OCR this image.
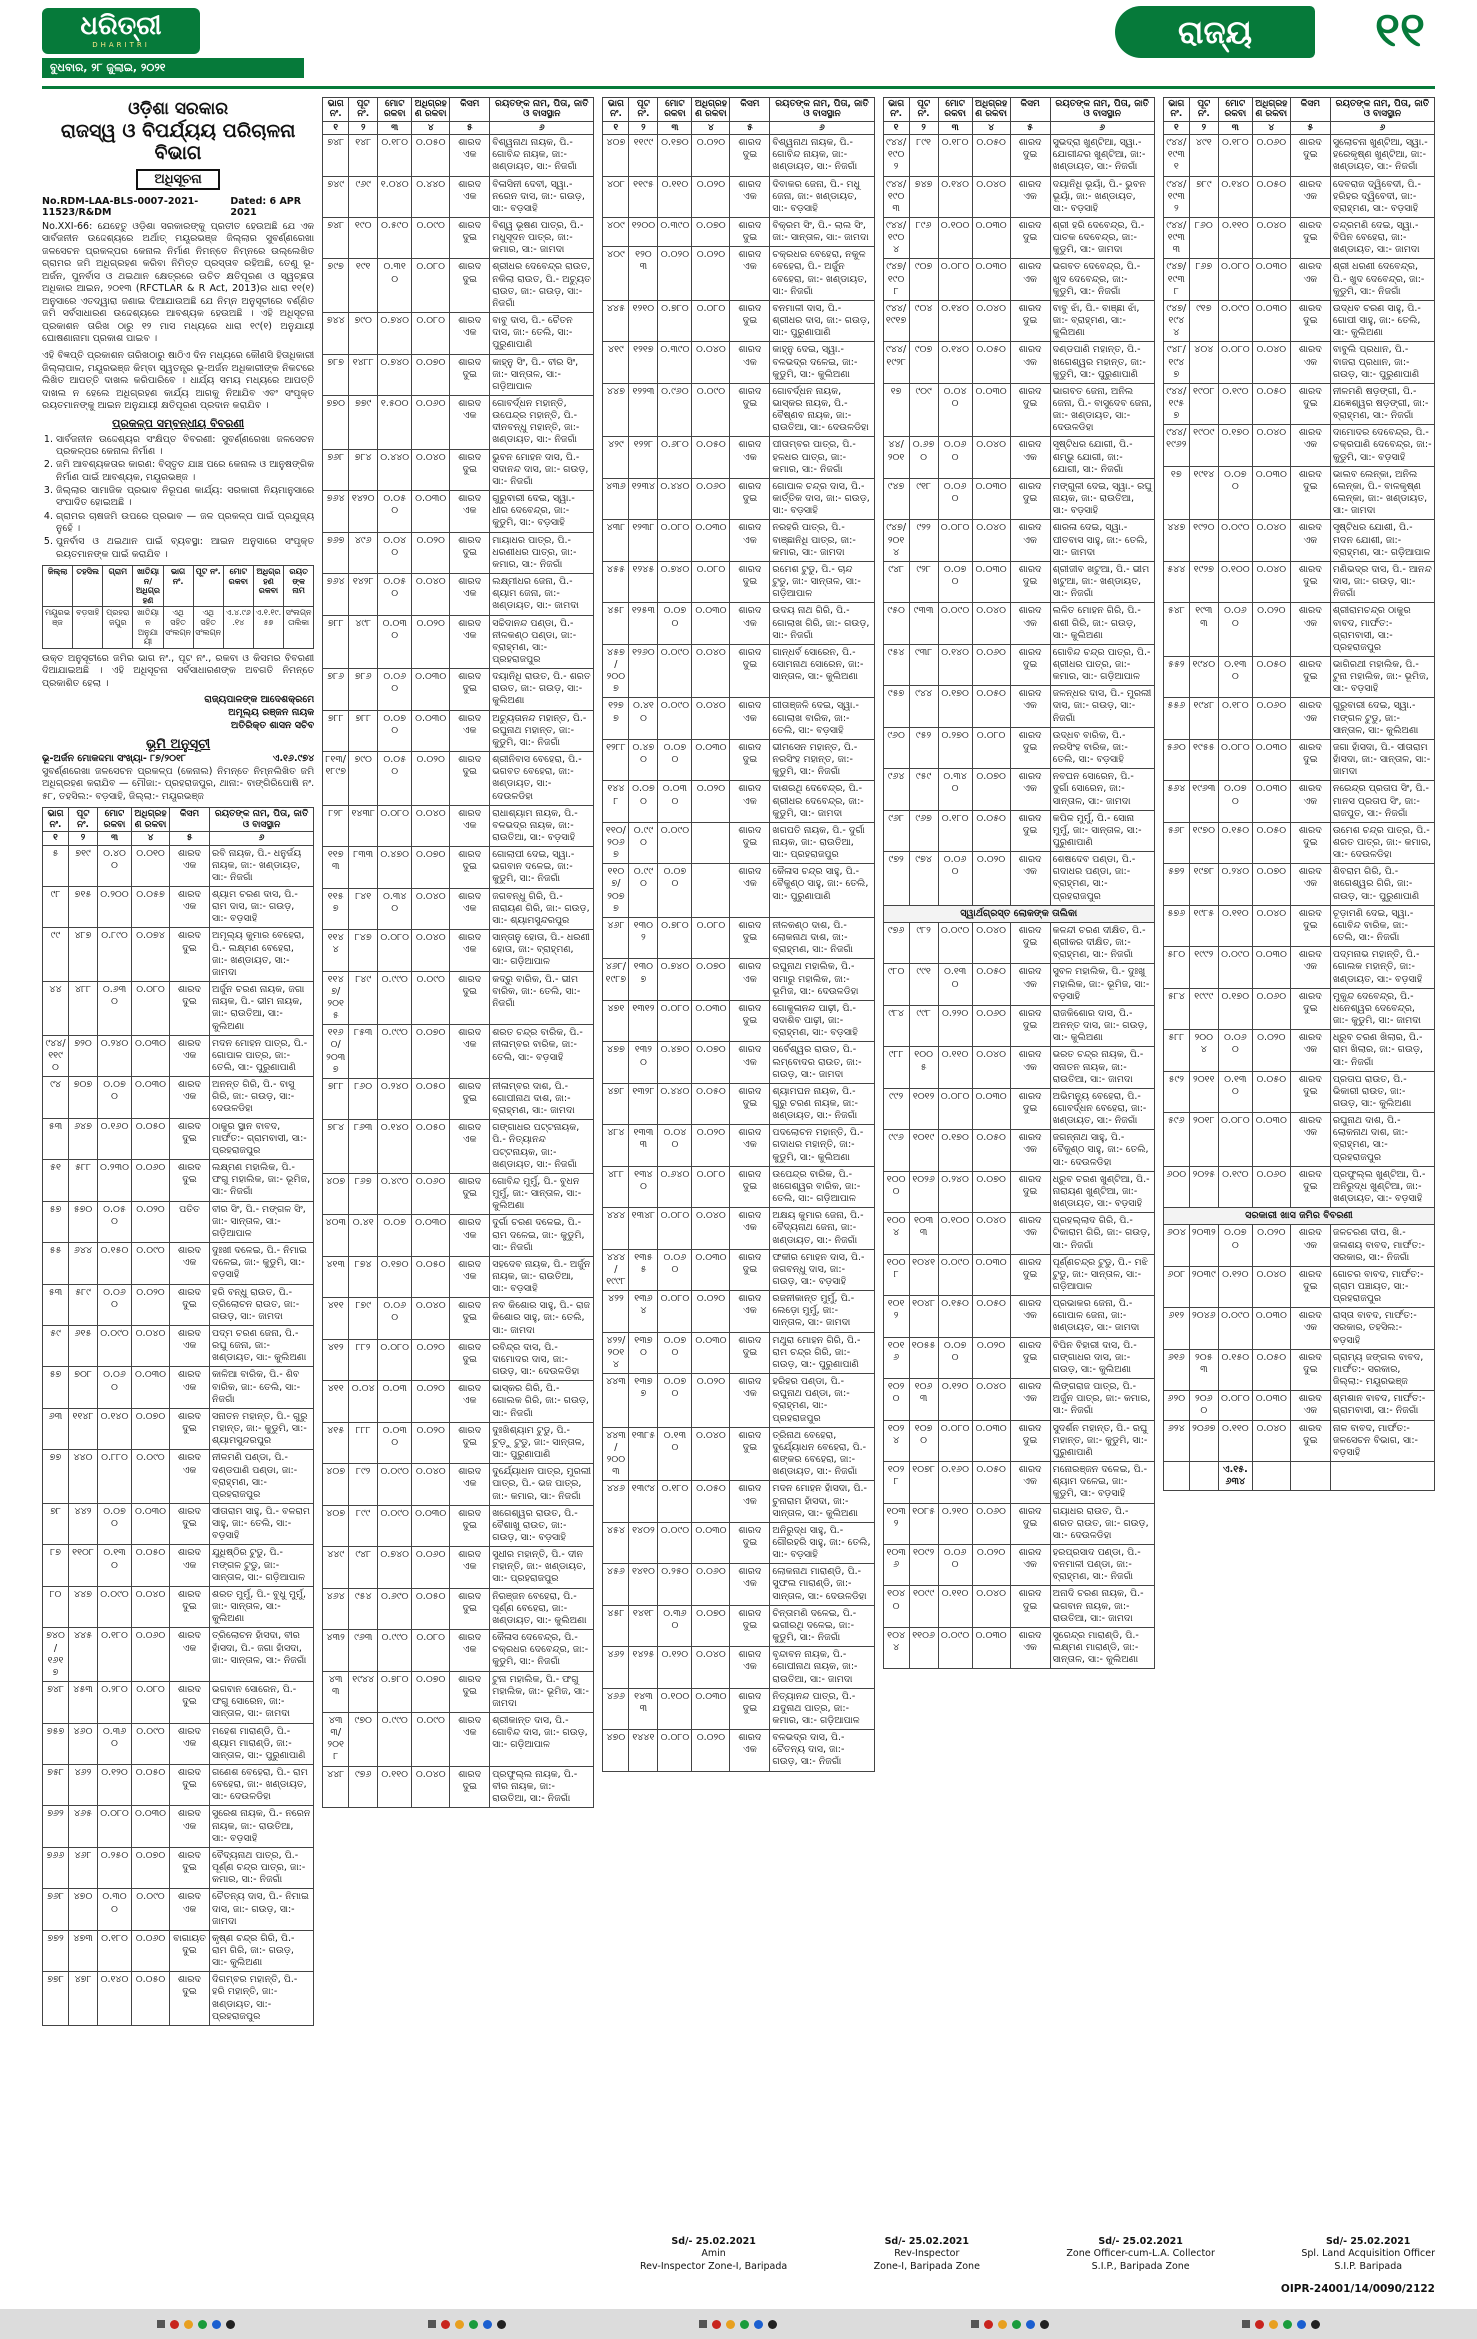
ଧରିତ୍ରୀ
DHARITRI
ବୁଧବାର, ୨୮ ଜୁଲାଇ, ୨୦୨୧
ରାଜ୍ୟ	୧୧
ଓଡ଼ିଶା ସରକାର
ରାଜସ୍ୱ ଓ ବିପର୍ଯ୍ୟୟ ପରିଚାଳନା ବିଭାଗ
ଅଧିସୂଚନା
No.RDM-LAA-BLS-0007-2021-11523/R&DM
Dated: 6 APR 2021

No.XXI-66: ଯେହେତୁ ଓଡ଼ିଶା ସରକାରଙ୍କୁ ପ୍ରତୀତ ହେଉଅଛି ଯେ ଏକ ସାର୍ବଜନୀନ ଉଦ୍ଦେଶ୍ୟରେ ଅର୍ଥାତ୍ ମୟୂରଭଞ୍ଜ ଜିଲ୍ଲାର ସୁବର୍ଣ୍ଣରେଖା ଜଳସେଚନ ପ୍ରକଳ୍ପର କେନାଲ ନିର୍ମାଣ ନିମନ୍ତେ ନିମ୍ନରେ ଉଲ୍ଲେଖିତ ଗ୍ରାମର ଜମି ଅଧିଗ୍ରହଣ କରିବା ନିମିତ୍ତ ପ୍ରସ୍ତାବ ରହିଅଛି, ତେଣୁ ଭୂ-ଅର୍ଜନ, ପୁନର୍ବାସ ଓ ଥଇଥାନ କ୍ଷେତ୍ରରେ ଉଚିତ କ୍ଷତିପୂରଣ ଓ ସ୍ୱଚ୍ଛତା ଅଧିକାର ଆଇନ, ୨୦୧୩ (RFCTLAR & R Act, 2013)ର ଧାରା ୧୧(୧) ଅନୁସାରେ ଏତଦ୍ୱାରା ଜଣାଇ ଦିଆଯାଉଅଛି ଯେ ନିମ୍ନ ଅନୁସୂଚୀରେ ବର୍ଣ୍ଣିତ ଜମି ସର୍ବସାଧାରଣ ଉଦ୍ଦେଶ୍ୟରେ ଆବଶ୍ୟକ ହେଉଅଛି । ଏହି ଅଧିସୂଚନା ପ୍ରକାଶନ ତାରିଖ ଠାରୁ ୧୨ ମାସ ମଧ୍ୟରେ ଧାରା ୧୯(୧) ଅନୁଯାୟୀ ଘୋଷଣାନାମା ପ୍ରକାଶ ପାଇବ ।

ଏହି ବିଜ୍ଞପ୍ତି ପ୍ରକାଶନ ତାରିଖଠାରୁ ଷାଠିଏ ଦିନ ମଧ୍ୟରେ କୌଣସି ହିତାଧିକାରୀ ଜିଲ୍ଲାପାଳ, ମୟୂରଭଞ୍ଜ କିମ୍ବା ସ୍ୱତନ୍ତ୍ର ଭୂ-ଅର୍ଜନ ଅଧିକାରୀଙ୍କ ନିକଟରେ ଲିଖିତ ଆପତ୍ତି ଦାଖଲ କରିପାରିବେ । ଧାର୍ଯ୍ୟ ସମୟ ମଧ୍ୟରେ ଆପତ୍ତି ଦାଖଲ ନ ହେଲେ ଅଧିଗ୍ରହଣ କାର୍ଯ୍ୟ ଆଗକୁ ନିଆଯିବ ଏବଂ ସଂପୃକ୍ତ ରୟତମାନଙ୍କୁ ଆଇନ ଅନୁଯାୟୀ କ୍ଷତିପୂରଣ ପ୍ରଦାନ କରାଯିବ ।

ପ୍ରକଳ୍ପ ସମ୍ବନ୍ଧୀୟ ବିବରଣୀ
1. ସାର୍ବଜନୀନ ଉଦ୍ଦେଶ୍ୟର ସଂକ୍ଷିପ୍ତ ବିବରଣୀ: ସୁବର୍ଣ୍ଣରେଖା ଜଳସେଚନ ପ୍ରକଳ୍ପର କେନାଲ ନିର୍ମାଣ ।
2. ଜମି ଆବଶ୍ୟକତାର କାରଣ: ବିସ୍ତୃତ ଯାଞ୍ଚ ପରେ କେନାଲ ଓ ଆନୁଷଙ୍ଗିକ ନିର୍ମାଣ ପାଇଁ ଆବଶ୍ୟକ, ମୟୂରଭଞ୍ଜ ।
3. ଜିଲ୍ଲାର ସାମାଜିକ ପ୍ରଭାବ ନିରୂପଣ କାର୍ଯ୍ୟ: ସରକାରୀ ନିୟମାନୁସାରେ ସଂପାଦିତ ହୋଇଅଛି ।
4. ଗ୍ରାମର ଚାଷଜମି ଉପରେ ପ୍ରଭାବ — ଜଳ ପ୍ରକଳ୍ପ ପାଇଁ ପ୍ରଯୁଜ୍ୟ ନୁହେଁ ।
5. ପୁନର୍ବାସ ଓ ଥଇଥାନ ପାଇଁ ବ୍ୟବସ୍ଥା: ଆଇନ ଅନୁସାରେ ସଂପୃକ୍ତ ରୟତମାନଙ୍କ ପାଇଁ କରାଯିବ ।
ଜିଲ୍ଲା	ତହସିଲ	ଗ୍ରାମ	ଖାତିୟାନ/ ଅଧିଗ୍ରହଣ	ଭାଗ ନଂ.	ପୂଟ ନଂ.	ମୋଟ ରକବା	ଅଧିଗ୍ରହଣ ରକବା	ରୟତଙ୍କ ନାମ
ମୟୂରଭଞ୍ଜ	ବଡ଼ସାହି	ପ୍ରହରାଜପୁର	ଖାତିୟାନ ଅନୁଯାୟୀ	ଏଥି ସହିତ ସଂଲଗ୍ନ	ଏଥି ସହିତ ସଂଲଗ୍ନ	ଏ.୪.୯୬.୧୪	ଏ.୧.୧୯.୫୭	ସଂଲଗ୍ନ ତାଲିକା

ଉକ୍ତ ଅନୁସୂଚୀରେ ଜମିର ଭାଗ ନଂ., ପୂଟ ନଂ., ରକବା ଓ କିସମର ବିବରଣୀ ଦିଆଯାଇଅଛି । ଏହି ଅଧିସୂଚନା ସର୍ବସାଧାରଣଙ୍କ ଅବଗତି ନିମନ୍ତେ ପ୍ରକାଶିତ ହେଲା ।

ରାଜ୍ୟପାଳଙ୍କ ଆଦେଶକ୍ରମେ
ଅମୂଲ୍ୟ ରଞ୍ଜନ ନାୟକ
ଅତିରିକ୍ତ ଶାସନ ସଚିବ
ଭୂମି ଅନୁସୂଚୀ
ଭୂ-ଅର୍ଜନ ମୋକଦ୍ଦମା ସଂଖ୍ୟା- ୮୭/୨୦୧୮	ଏ.୧୬.୯୭୪

ସୁବର୍ଣ୍ଣରେଖା ଜଳସେଚନ ପ୍ରକଳ୍ପ (କେନାଲ) ନିମନ୍ତେ ନିମ୍ନଲିଖିତ ଜମି ଅଧିଗ୍ରହଣ କରାଯିବ — ମୌଜା:- ପ୍ରହରାଜପୁର, ଥାନା:- ବାଙ୍ଗିରିପୋଷି ନଂ. ୫୮, ତହସିଲ:- ବଡ଼ସାହି, ଜିଲ୍ଲା:- ମୟୂରଭଞ୍ଜ

ଭାଗ ନଂ.	ପୂଟ ନଂ.	ମୋଟ ରକବା	ଅଧିଗ୍ରହଣ ରକବା	କିସମ	ରୟତଙ୍କ ନାମ, ପିତା, ଜାତି ଓ ବାସସ୍ଥାନ
୧	୨	୩	୪	୫	୬
୫	୭୧୯	୦.୪୦୦	୦.୦୧୦	ଶାରଦ ଏକ	ରବି ନାୟକ, ପି.- ଧନୁର୍ଜୟ ନାୟକ, ଜା:- ଖଣ୍ଡାୟତ, ସା:- ନିଜଗାଁ
୯୮	୭୧୫	୦.୨୦୦	୦.୦୫୭	ଶାରଦ ଏକ	ଶ୍ୟାମ ଚରଣ ଦାସ, ପି.- ରାମ ଦାସ, ଜା:- ଗଉଡ଼, ସା:- ବଡ଼ସାହି
୯୯	୪୮୭	୦.୮୯୦	୦.୦୭୪	ଶାରଦ ଦୁଇ	ଅମୂଲ୍ୟ କୁମାର ବେହେରା, ପି.- ଲକ୍ଷ୍ମଣ ବେହେରା, ଜା:- ଖଣ୍ଡାୟତ, ସା:- ଜାମଦା
୪୪	୪୮୮	୦.୬୩୦	୦.୦୮୦	ଶାରଦ ଦୁଇ	ଅର୍ଜୁନ ଚରଣ ନାୟକ, ଜଗା ନାୟକ, ପି.- ଭୀମ ନାୟକ, ଜା:- ରାଉତିଆ, ସା:- କୁଲିଅଣା
୯୪୪/ ୧୧୯୦	୭୨୦	୦.୨୪୦	୦.୦୩୦	ଶାରଦ ଏକ	ମଦନ ମୋହନ ପାତ୍ର, ପି.- ଗୋପାଳ ପାତ୍ର, ଜା:- ତେଲି, ସା:- ପୁରୁଣାପାଣି
୯୪	୭୦୭	୦.୦୭୦	୦.୦୩୦	ଶାରଦ ଏକ	ଅନନ୍ତ ଗିରି, ପି.- ବାସୁ ଗିରି, ଜା:- ଗଉଡ଼, ସା:- ଦେଉଳଡିହା
୫୩	୬୪୭	୦.୧୬୦	୦.୦୫୦	ଶାରଦ ଦୁଇ	ଠାକୁର ସ୍ଥାନ ବାବଦ, ମାର୍ଫତ:- ଗ୍ରାମବାସୀ, ସା:- ପ୍ରହରାଜପୁର
୫୧	୫୮୮	୦.୨୩୦	୦.୦୬୦	ଶାରଦ ଦୁଇ	ଲକ୍ଷ୍ମଣ ମହାଲିକ, ପି.- ଫଗୁ ମହାଲିକ, ଜା:- ଭୂମିଜ, ସା:- ନିଜଗାଁ
୫୭	୫୭୦	୦.୦୫୦	୦.୦୨୦	ପତିତ	ବୀର ସିଂ, ପି.- ମଙ୍ଗଳ ସିଂ, ଜା:- ସାନ୍ତାଳ, ସା:- ଗଡ଼ିଆପାଳ
୫୫	୬୪୪	୦.୧୫୦	୦.୦୯୦	ଶାରଦ ଏକ	ଦୁଃଖୀ ଦଳେଇ, ପି.- ନିମାଇ ଦଳେଇ, ଜା:- କୁଡୁମି, ସା:- ବଡ଼ସାହି
୫୩	୫୮୯	୦.୦୬୦	୦.୦୨୦	ଶାରଦ ଦୁଇ	ହରି ବନ୍ଧୁ ରାଉତ, ପି.- ତ୍ରିଲୋଚନ ରାଉତ, ଜା:- ଗଉଡ଼, ସା:- ଜାମଦା
୫୯	୬୧୫	୦.୦୯୦	୦.୦୪୦	ଶାରଦ ଏକ	ପଦ୍ମ ଚରଣ ଜେନା, ପି.- ରଘୁ ଜେନା, ଜା:- ଖଣ୍ଡାୟତ, ସା:- କୁଲିଅଣା
୫୭	୭୦୮	୦.୦୬୦	୦.୦୩୦	ଶାରଦ ଏକ	କାଳିଆ ବାରିକ, ପି.- ଶିବ ବାରିକ, ଜା:- ତେଲି, ସା:- ନିଜଗାଁ
୬୩	୧୧୪୮	୦.୧୪୦	୦.୦୭୦	ଶାରଦ ଦୁଇ	ସନାତନ ମହାନ୍ତ, ପି.- ଗୁରୁ ମହାନ୍ତ, ଜା:- କୁଡୁମି, ସା:- ଶ୍ୟାମସୁନ୍ଦରପୁର
୭୭	୪୪୦	୦.୮୮୦	୦.୦୯୦	ଶାରଦ ଏକ	ନୀଳମଣି ପଣ୍ଡା, ପି.- ଦଣ୍ଡପାଣି ପଣ୍ଡା, ଜା:- ବ୍ରାହ୍ମଣ, ସା:- ପ୍ରହରାଜପୁର
୭୮	୪୪୨	୦.୦୭୦	୦.୦୩୦	ଶାରଦ ଦୁଇ	ସୀତାରାମ ସାହୁ, ପି.- ବଳରାମ ସାହୁ, ଜା:- ତେଲି, ସା:- ବଡ଼ସାହି
୮୭	୧୧୦୮	୦.୧୩୦	୦.୦୫୦	ଶାରଦ ଏକ	ଯୁଧିଷ୍ଠିର ଟୁଡୁ, ପି.- ମଙ୍ଗଳ ଟୁଡୁ, ଜା:- ସାନ୍ତାଳ, ସା:- ଗଡ଼ିଆପାଳ
୮୦	୪୪୭	୦.୦୯୦	୦.୦୪୦	ଶାରଦ ଦୁଇ	ଶରତ ମୁର୍ମୁ, ପି.- ବୁଧୁ ମୁର୍ମୁ, ଜା:- ସାନ୍ତାଳ, ସା:- କୁଲିଅଣା
୭୪୦/ ୧୬୧୭	୪୪୫	୦.୧୮୦	୦.୦୬୦	ଶାରଦ ଏକ	ତ୍ରିଲୋଚନ ହାଁସଦା, ବୀର ହାଁସଦା, ପି.- ଜଗା ହାଁସଦା, ଜା:- ସାନ୍ତାଳ, ସା:- ନିଜଗାଁ
୭୪୮	୪୫୩	୦.୨୮୦	୦.୦୮୦	ଶାରଦ ଦୁଇ	ଭଗବାନ ସୋରେନ, ପି.- ଫଗୁ ସୋରେନ, ଜା:- ସାନ୍ତାଳ, ସା:- ଜାମଦା
୭୫୭	୪୬୦	୦.୩୬୦	୦.୦୯୦	ଶାରଦ ଏକ	ମହେଶ ମାରାଣ୍ଡି, ପି.- ଶ୍ୟାମ ମାରାଣ୍ଡି, ଜା:- ସାନ୍ତାଳ, ସା:- ପୁରୁଣାପାଣି
୭୫୮	୪୬୨	୦.୧୨୦	୦.୦୫୦	ଶାରଦ ଦୁଇ	ଗଣେଶ ବେହେରା, ପି.- ରାମ ବେହେରା, ଜା:- ଖଣ୍ଡାୟତ, ସା:- ଦେଉଳଡିହା
୭୬୨	୪୬୫	୦.୦୮୦	୦.୦୩୦	ଶାରଦ ଏକ	ସୁରେଶ ନାୟକ, ପି.- ନରେନ ନାୟକ, ଜା:- ରାଉତିଆ, ସା:- ବଡ଼ସାହି
୭୬୬	୪୬୮	୦.୨୫୦	୦.୦୭୦	ଶାରଦ ଦୁଇ	ବୈଦ୍ୟନାଥ ପାତ୍ର, ପି.- ପୂର୍ଣ୍ଣ ଚନ୍ଦ୍ର ପାତ୍ର, ଜା:- କମାର, ସା:- ନିଜଗାଁ
୭୬୮	୪୭୦	୦.୩୦୦	୦.୦୯୦	ଶାରଦ ଏକ	ଚୈତନ୍ୟ ଦାସ, ପି.- ନିମାଇ ଦାସ, ଜା:- ଗଉଡ଼, ସା:- ଜାମଦା
୭୭୨	୪୭୩	୦.୧୮୦	୦.୦୬୦	ବାଗାୟତ ଦୁଇ	କୃଷ୍ଣ ଚନ୍ଦ୍ର ଗିରି, ପି.- ରାମ ଗିରି, ଜା:- ଗଉଡ଼, ସା:- କୁଲିଅଣା
୭୭୮	୪୭୮	୦.୧୪୦	୦.୦୫୦	ଶାରଦ ଦୁଇ	ଦିଗମ୍ବର ମହାନ୍ତି, ପି.- ହରି ମହାନ୍ତି, ଜା:- ଖଣ୍ଡାୟତ, ସା:- ପ୍ରହରାଜପୁର
ଭାଗ ନଂ.	ପୂଟ ନଂ.	ମୋଟ ରକବା	ଅଧିଗ୍ରହଣ ରକବା	କିସମ	ରୟତଙ୍କ ନାମ, ପିତା, ଜାତି ଓ ବାସସ୍ଥାନ
୧	୨	୩	୪	୫	୬
୭୪୮	୧୪୮	୦.୧୮୦	୦.୦୫୦	ଶାରଦ ଏକ	ବିଶ୍ୱନାଥ ନାୟକ, ପି.- ଗୋବିନ୍ଦ ନାୟକ, ଜା:- ଖଣ୍ଡାୟତ, ସା:- ନିଜଗାଁ
୭୪୯	୯୬୯	୧.୦୪୦	୦.୪୪୦	ଶାରଦ ଏକ	ବିଳାସିନୀ ଦେବୀ, ସ୍ୱା.- ନରେନ ଦାସ, ଜା:- ଗଉଡ଼, ସା:- ବଡ଼ସାହି
୭୪୮	୧୯୦	୦.୫୯୦	୦.୦୯୦	ଶାରଦ ଦୁଇ	ବିଶ୍ୱ ଭୂଷଣ ପାତ୍ର, ପି.- ମଧୁସୂଦନ ପାତ୍ର, ଜା:- କମାର, ସା:- ଜାମଦା
୭୯୭	୧୯୧	୦.୩୧୦	୦.୦୮୦	ଶାରଦ ଦୁଇ	ଶ୍ରୀଧର ଦେବେନ୍ଦ୍ର ରାଉତ, ନକିଲା ରାଉତ, ପି.- ଅଚ୍ୟୁତ ରାଉତ, ଜା:- ଗଉଡ଼, ସା:- ନିଜଗାଁ
୭୪୪	୭୯୦	୦.୭୪୦	୦.୦୮୦	ଶାରଦ ଏକ	ବାବୁ ଦାସ, ପି.- ଚୈତନ ଦାସ, ଜା:- ତେଲି, ସା:- ପୁରୁଣାପାଣି
୭୮୭	୧୪୮୮	୦.୭୪୦	୦.୦୭୦	ଶାରଦ ଦୁଇ	କାହ୍ନୁ ସିଂ, ପି.- ବୀର ସିଂ, ଜା:- ସାନ୍ତାଳ, ସା:- ଗଡ଼ିଆପାଳ
୭୭୦	୭୭୯	୧.୫୦୦	୦.୦୬୦	ଶାରଦ ଏକ	ଗୋବର୍ଦ୍ଧନ ମହାନ୍ତି, ଉପେନ୍ଦ୍ର ମହାନ୍ତି, ପି.- ଦୀନବନ୍ଧୁ ମହାନ୍ତି, ଜା:- ଖଣ୍ଡାୟତ, ସା:- ନିଜଗାଁ
୭୬୮	୭୮୪	୦.୪୪୦	୦.୦୪୦	ଶାରଦ ଦୁଇ	ଭୁବନ ମୋହନ ଦାସ, ପି.- ସଦାନନ୍ଦ ଦାସ, ଜା:- ଗଉଡ଼, ସା:- ନିଜଗାଁ
୭୬୪	୧୪୨୦	୦.୦୫୦	୦.୦୩୦	ଶାରଦ ଏକ	ଗୁରୁବାରୀ ଦେଇ, ସ୍ୱା.- ଧୀର ଦେବେନ୍ଦ୍ର, ଜା:- କୁଡୁମି, ସା:- ବଡ଼ସାହି
୭୬୭	୪୯୬	୦.୦୪୦	୦.୦୨୦	ଶାରଦ ଦୁଇ	ମାୟାଧର ପାତ୍ର, ପି.- ଧରଣୀଧର ପାତ୍ର, ଜା:- କମାର, ସା:- ନିଜଗାଁ
୭୬୪	୧୪୨୮	୦.୦୫୦	୦.୦୪୦	ଶାରଦ ଏକ	ଲକ୍ଷ୍ମୀଧର ଜେନା, ପି.- ଶ୍ୟାମ ଜେନା, ଜା:- ଖଣ୍ଡାୟତ, ସା:- ଜାମଦା
୭୮୮	୪୯୮	୦.୦୩୦	୦.୦୨୦	ଶାରଦ ଏକ	ସଚ୍ଚିଦାନନ୍ଦ ପଣ୍ଡା, ପି.- ନୀଳକଣ୍ଠ ପଣ୍ଡା, ଜା:- ବ୍ରାହ୍ମଣ, ସା:- ପ୍ରହରାଜପୁର
୭୮୬	୭୮୬	୦.୦୬୦	୦.୦୩୦	ଶାରଦ ଦୁଇ	ଦୟାନିଧି ରାଉତ, ପି.- ଶରତ ରାଉତ, ଜା:- ଗଉଡ଼, ସା:- କୁଲିଅଣା
୭୮୮	୭୮୮	୦.୦୭୦	୦.୦୩୦	ଶାରଦ ଏକ	ଅଚ୍ୟୁତାନନ୍ଦ ମହାନ୍ତ, ପି.- ରଘୁନାଥ ମହାନ୍ତ, ଜା:- କୁଡୁମି, ସା:- ନିଜଗାଁ
୮୧୩/ ୧୮୯୭	୭୯୦	୦.୦୫୦	୦.୦୨୦	ଶାରଦ ଦୁଇ	ଶ୍ରୀନିବାସ ବେହେରା, ପି.- ଭଗବତ ବେହେରା, ଜା:- ଖଣ୍ଡାୟତ, ସା:- ଦେଉଳଡିହା
୮୨୮	୧୪୩୮	୦.୦୮୦	୦.୦୪୦	ଶାରଦ ଏକ	ରାଧାଶ୍ୟାମ ନାୟକ, ପି.- ବଳଭଦ୍ର ନାୟକ, ଜା:- ରାଉତିଆ, ସା:- ବଡ଼ସାହି
୧୧୭୩	୮୩୩	୦.୪୭୦	୦.୦୭୦	ଶାରଦ ଦୁଇ	ଗୋଲାପୀ ଦେଇ, ସ୍ୱା.- ଭଗବାନ ଦଳେଇ, ଜା:- କୁଡୁମି, ସା:- ନିଜଗାଁ
୧୧୫୭	୮୪୧	୦.୩୪୦	୦.୦୪୦	ଶାରଦ ଏକ	ଜଗବନ୍ଧୁ ଗିରି, ପି.- ନାରାୟଣ ଗିରି, ଜା:- ଗଉଡ଼, ସା:- ଶ୍ୟାମସୁନ୍ଦରପୁର
୧୧୪୪	୮୪୭	୦.୦୮୦	୦.୦୪୦	ଶାରଦ ଏକ	ସାନ୍ତାନୁ ହୋତା, ପି.- ଧରଣୀ ହୋତା, ଜା:- ବ୍ରାହ୍ମଣ, ସା:- ଗଡ଼ିଆପାଳ
୧୧୪୭/ ୨୦୧୫	୮୪୯	୦.୯୯୦	୦.୦୯୦	ଶାରଦ ଦୁଇ	କଦ୍ରୁ ବାରିକ, ପି.- ଭୀମ ବାରିକ, ଜା:- ତେଲି, ସା:- ନିଜଗାଁ
୧୧୬୦/ ୨୦୩୭	୮୫୩	୦.୯୯୦	୦.୦୭୦	ଶାରଦ ଏକ	ଶରତ ଚନ୍ଦ୍ର ବାରିକ, ପି.- ନୀଳାମ୍ବର ବାରିକ, ଜା:- ତେଲି, ସା:- ବଡ଼ସାହି
୭୮୮	୮୬୦	୦.୨୪୦	୦.୦୫୦	ଶାରଦ ଦୁଇ	ନୀଳାମ୍ବର ଦାଶ, ପି.- ଗୋପୀନାଥ ଦାଶ, ଜା:- ବ୍ରାହ୍ମଣ, ସା:- ଜାମଦା
୭୮୪	୮୬୩	୦.୧୪୦	୦.୦୫୦	ଶାରଦ ଏକ	ଗଙ୍ଗାଧର ପଟ୍ଟନାୟକ, ପି.- ନିତ୍ୟାନନ୍ଦ ପଟ୍ଟନାୟକ, ଜା:- ଖଣ୍ଡାୟତ, ସା:- ନିଜଗାଁ
୪୦୭	୮୬୭	୦.୪୯୦	୦.୦୬୦	ଶାରଦ ଦୁଇ	ଗୋବିନ୍ଦ ମୁର୍ମୁ, ପି.- ବୁଧନ ମୁର୍ମୁ, ଜା:- ସାନ୍ତାଳ, ସା:- କୁଲିଅଣା
୪୦୩	୦.୪୧	୦.୦୭	୦.୦୩୦	ଶାରଦ ଏକ	ଦୁର୍ଗା ଚରଣ ଦଳେଇ, ପି.- ରାମ ଦଳେଇ, ଜା:- କୁଡୁମି, ସା:- ନିଜଗାଁ
୪୧୩	୮୭୪	୦.୧୭୦	୦.୦୫୦	ଶାରଦ ଏକ	ସହଦେବ ନାୟକ, ପି.- ଅର୍ଜୁନ ନାୟକ, ଜା:- ରାଉତିଆ, ସା:- ବଡ଼ସାହି
୪୧୧	୮୭୯	୦.୦୬୦	୦.୦୪୦	ଶାରଦ ଦୁଇ	ନବ କିଶୋର ସାହୁ, ପି.- ରାଜ କିଶୋର ସାହୁ, ଜା:- ତେଲି, ସା:- ଜାମଦା
୪୧୨	୮୮୨	୦.୦୮୦	୦.୦୨୦	ଶାରଦ ଦୁଇ	ରବିନ୍ଦ୍ର ଦାସ, ପି.- ଦାମୋଦର ଦାସ, ଜା:- ଗଉଡ଼, ସା:- ଦେଉଳଡିହା
୪୧୧	୦.୦୪	୦.୦୩	୦.୦୨୦	ଶାରଦ ଏକ	ଭାସ୍କର ଗିରି, ପି.- ଗୋଲକ ଗିରି, ଜା:- ଗଉଡ଼, ସା:- ନିଜଗାଁ
୪୧୫	୮୮୮	୦.୦୩୦	୦.୦୨୦	ଶାରଦ ଦୁଇ	ଦୁଃଖିଶ୍ୟାମ ଟୁଡୁ, ପି.- ଚୁଡ଼ୁ ଟୁଡୁ, ଜା:- ସାନ୍ତାଳ, ସା:- ପୁରୁଣାପାଣି
୪୦୭	୮୯୨	୦.୦୯୦	୦.୦୪୦	ଶାରଦ ଏକ	ଦୁର୍ଯ୍ୟୋଧନ ପାତ୍ର, ମୁରଲୀ ପାତ୍ର, ପି.- ଭଜ ପାତ୍ର, ଜା:- କମାର, ସା:- ନିଜଗାଁ
୪୦୭	୮୯୯	୦.୦୯୦	୦.୦୩୦	ଶାରଦ ଦୁଇ	ଖଗେଶ୍ୱର ରାଉତ, ପି.- ବୈଶାଖୁ ରାଉତ, ଜା:- ଗଉଡ଼, ସା:- ବଡ଼ସାହି
୪୪୯	୯୪୮	୦.୭୪୦	୦.୦୬୦	ଶାରଦ ଏକ	ସୁଧୀର ମହାନ୍ତି, ପି.- ଦୀନ ମହାନ୍ତି, ଜା:- ଖଣ୍ଡାୟତ, ସା:- ପ୍ରହରାଜପୁର
୪୬୪	୯୫୪	୦.୬୯୦	୦.୦୫୦	ଶାରଦ ଦୁଇ	ନିରଞ୍ଜନ ବେହେରା, ପି.- ପୂର୍ଣ୍ଣ ବେହେରା, ଜା:- ଖଣ୍ଡାୟତ, ସା:- କୁଲିଅଣା
୪୩୨	୯୬୩	୦.୯୯୦	୦.୦୮୦	ଶାରଦ ଏକ	କୈଳାସ ଦେବେନ୍ଦ୍ର, ପି.- ଚକ୍ରଧର ଦେବେନ୍ଦ୍ର, ଜା:- କୁଡୁମି, ସା:- ନିଜଗାଁ
୪୩୩	୧୯୪୪	୦.୭୮୦	୦.୦୭୦	ଶାରଦ ଦୁଇ	ଟୁନା ମହାଲିକ, ପି.- ଫଗୁ ମହାଲିକ, ଜା:- ଭୂମିଜ, ସା:- ଜାମଦା
୪୩୩/ ୨୦୧୮	୯୭୦	୦.୯୯୦	୦.୦୯୦	ଶାରଦ ଏକ	ଶ୍ରୀକାନ୍ତ ଦାସ, ପି.- ଗୋବିନ୍ଦ ଦାସ, ଜା:- ଗଉଡ଼, ସା:- ଗଡ଼ିଆପାଳ
୪୪୮	୯୭୬	୦.୧୧୦	୦.୦୪୦	ଶାରଦ ଦୁଇ	ପ୍ରଫୁଲ୍ଲ ନାୟକ, ପି.- ବୀର ନାୟକ, ଜା:- ରାଉତିଆ, ସା:- ନିଜଗାଁ
ଭାଗ ନଂ.	ପୂଟ ନଂ.	ମୋଟ ରକବା	ଅଧିଗ୍ରହଣ ରକବା	କିସମ	ରୟତଙ୍କ ନାମ, ପିତା, ଜାତି ଓ ବାସସ୍ଥାନ
୧	୨	୩	୪	୫	୬
୪୦୭	୧୧୯୯	୦.୧୭୦	୦.୦୨୦	ଶାରଦ ଦୁଇ	ବିଶ୍ୱନାଥ ନାୟକ, ପି.- ଗୋବିନ୍ଦ ନାୟକ, ଜା:- ଖଣ୍ଡାୟତ, ସା:- ନିଜଗାଁ
୪୦୮	୧୧୯୫	୦.୧୧୦	୦.୦୨୦	ଶାରଦ ଏକ	ଦିବାକର ଜେନା, ପି.- ମଧୁ ଜେନା, ଜା:- ଖଣ୍ଡାୟତ, ସା:- ବଡ଼ସାହି
୪୦୯	୧୨୦୦	୦.୩୯୦	୦.୦୭୦	ଶାରଦ ଦୁଇ	ବିକ୍ରମ ସିଂ, ପି.- ଲାଲ ସିଂ, ଜା:- ସାନ୍ତାଳ, ସା:- ଜାମଦା
୪୦୯	୧୨୦୩	୦.୦୨୦	୦.୦୨୦	ଶାରଦ ଏକ	ଚକ୍ରଧର ବେହେରା, ନକୁଳ ବେହେରା, ପି.- ଅର୍ଜୁନ ବେହେରା, ଜା:- ଖଣ୍ଡାୟତ, ସା:- ନିଜଗାଁ
୪୪୫	୧୨୧୦	୦.୭୮୦	୦.୦୮୦	ଶାରଦ ଦୁଇ	ବନମାଳୀ ଦାସ, ପି.- ଶ୍ରୀଧର ଦାସ, ଜା:- ଗଉଡ଼, ସା:- ପୁରୁଣାପାଣି
୪୧୯	୧୨୧୭	୦.୩୯୦	୦.୦୪୦	ଶାରଦ ଏକ	କାହ୍ନୁ ଦେଇ, ସ୍ୱା.- ବଳଭଦ୍ର ଦଳେଇ, ଜା:- କୁଡୁମି, ସା:- କୁଲିଅଣା
୪୪୭	୧୨୨୩	୦.୯୬୦	୦.୦୯୦	ଶାରଦ ଦୁଇ	ଗୋବର୍ଦ୍ଧନ ନାୟକ, ଭାସ୍କର ନାୟକ, ପି.- ବୈଷ୍ଣବ ନାୟକ, ଜା:- ରାଉତିଆ, ସା:- ଦେଉଳଡିହା
୪୨୯	୧୨୨୮	୦.୬୮୦	୦.୦୫୦	ଶାରଦ ଏକ	ପୀତାମ୍ବର ପାତ୍ର, ପି.- ହଳଧର ପାତ୍ର, ଜା:- କମାର, ସା:- ନିଜଗାଁ
୪୩୬	୧୨୩୪	୦.୪୪୦	୦.୦୬୦	ଶାରଦ ଦୁଇ	ଗୋପାଳ ଚନ୍ଦ୍ର ଦାସ, ପି.- କାର୍ତ୍ତିକ ଦାସ, ଜା:- ଗଉଡ଼, ସା:- ବଡ଼ସାହି
୪୩୮	୧୨୩୮	୦.୦୮୦	୦.୦୩୦	ଶାରଦ ଏକ	ନରହରି ପାତ୍ର, ପି.- ବାଞ୍ଛାନିଧି ପାତ୍ର, ଜା:- କମାର, ସା:- ଜାମଦା
୪୫୫	୧୨୪୫	୦.୭୪୦	୦.୦୮୦	ଶାରଦ ଦୁଇ	ରମେଶ ଟୁଡୁ, ପି.- ଚାନ୍ଦ ଟୁଡୁ, ଜା:- ସାନ୍ତାଳ, ସା:- ଗଡ଼ିଆପାଳ
୪୫୮	୧୨୫୩	୦.୦୭୦	୦.୦୩୦	ଶାରଦ ଏକ	ଉଦୟ ନାଥ ଗିରି, ପି.- ଗୋଲାଖ ଗିରି, ଜା:- ଗଉଡ଼, ସା:- ନିଜଗାଁ
୪୫୭/ ୨୦୦୭	୧୨୬୦	୦.୦୯୦	୦.୦୪୦	ଶାରଦ ଦୁଇ	ଗାନ୍ଧର୍ବ ସୋରେନ, ପି.- ସୋମନାଥ ସୋରେନ, ଜା:- ସାନ୍ତାଳ, ସା:- କୁଲିଅଣା
୧୨୭୭	୦.୪୧୦	୦.୦୯୦	୦.୦୪୦	ଶାରଦ ଏକ	ଗୀତାଞ୍ଜଳି ଦେଇ, ସ୍ୱା.- ଗୋଲାଖ ବାରିକ, ଜା:- ତେଲି, ସା:- ବଡ଼ସାହି
୧୨୮୮	୦.୪୭୦	୦.୦୭୦	୦.୦୩୦	ଶାରଦ ଦୁଇ	ଭୀମସେନ ମହାନ୍ତ, ପି.- ନରସିଂହ ମହାନ୍ତ, ଜା:- କୁଡୁମି, ସା:- ନିଜଗାଁ
୧୪୪୮	୦.୦୭୦	୦.୦୩୦	୦.୦୨୦	ଶାରଦ ଏକ	ଦାଶରଥି ଦେବେନ୍ଦ୍ର, ପି.- ଶ୍ରୀଧର ଦେବେନ୍ଦ୍ର, ଜା:- କୁଡୁମି, ସା:- ଜାମଦା
୧୧୦/ ୨୦୬୭	୦.୯୯୦	୦.୦୯୦		ଶାରଦ ଦୁଇ	ଖଗପତି ନାୟକ, ପି.- ଦୁର୍ଗା ନାୟକ, ଜା:- ରାଉତିଆ, ସା:- ପ୍ରହରାଜପୁର
୧୧୦୭/ ୨୦୭୭	୦.୯୯୦	୦.୦୭୦		ଶାରଦ ଏକ	କୈଳାସ ଚନ୍ଦ୍ର ସାହୁ, ପି.- ବୈକୁଣ୍ଠ ସାହୁ, ଜା:- ତେଲି, ସା:- ପୁରୁଣାପାଣି
୪୬୮	୧୩୦୨	୦.୭୮୦	୦.୦୮୦	ଶାରଦ ଦୁଇ	ନୀଳକଣ୍ଠ ଦାଶ, ପି.- ଲୋକନାଥ ଦାଶ, ଜା:- ବ୍ରାହ୍ମଣ, ସା:- ନିଜଗାଁ
୪୬୮/ ୧୯୮୭	୧୩୦୭	୦.୭୪୦	୦.୦୭୦	ଶାରଦ ଏକ	ରଘୁନାଥ ମହାଲିକ, ପି.- ସମାରୁ ମହାଲିକ, ଜା:- ଭୂମିଜ, ସା:- ଦେଉଳଡିହା
୪୭୧	୧୩୧୨	୦.୦୮୦	୦.୦୩୦	ଶାରଦ ଦୁଇ	ଗୋକୁଳାନନ୍ଦ ପାଢ଼ୀ, ପି.- ସଦାଶିବ ପାଢ଼ୀ, ଜା:- ବ୍ରାହ୍ମଣ, ସା:- ବଡ଼ସାହି
୪୭୭	୧୩୨୦	୦.୪୭୦	୦.୦୭୦	ଶାରଦ ଏକ	ସର୍ବେଶ୍ୱର ରାଉତ, ପି.- ଲମ୍ବୋଦର ରାଉତ, ଜା:- ଗଉଡ଼, ସା:- ଜାମଦା
୪୭୮	୧୩୨୮	୦.୪୪୦	୦.୦୫୦	ଶାରଦ ଦୁଇ	ଶ୍ୟାମଘନ ନାୟକ, ପି.- ଗୁରୁ ଚରଣ ନାୟକ, ଜା:- ଖଣ୍ଡାୟତ, ସା:- ନିଜଗାଁ
୪୮୪	୧୩୩୩	୦.୦୪୦	୦.୦୨୦	ଶାରଦ ଏକ	ପଦଲୋଚନ ମହାନ୍ତି, ପି.- ଗଦାଧର ମହାନ୍ତି, ଜା:- କୁଡୁମି, ସା:- କୁଲିଅଣା
୪୮୮	୧୩୪୦	୦.୬୪୦	୦.୦୮୦	ଶାରଦ ଦୁଇ	ଉପେନ୍ଦ୍ର ବାରିକ, ପି.- ଖଗେଶ୍ୱର ବାରିକ, ଜା:- ତେଲି, ସା:- ଗଡ଼ିଆପାଳ
୪୪୪	୧୩୪୮	୦.୦୮୦	୦.୦୪୦	ଶାରଦ ଏକ	ଅକ୍ଷୟ କୁମାର ଜେନା, ପି.- ବୈଦ୍ୟନାଥ ଜେନା, ଜା:- ଖଣ୍ଡାୟତ, ସା:- ନିଜଗାଁ
୪୪୪/ ୧୯୯୮	୧୩୫୫	୦.୦୬୦	୦.୦୩୦	ଶାରଦ ଦୁଇ	ଫକୀର ମୋହନ ଦାସ, ପି.- ଜଗବନ୍ଧୁ ଦାସ, ଜା:- ଗଉଡ଼, ସା:- ବଡ଼ସାହି
୪୨୨	୧୩୬୪	୦.୦୮୦	୦.୦୨୦	ଶାରଦ ଏକ	ରଜନୀକାନ୍ତ ମୁର୍ମୁ, ପି.- ଲେଡ଼ୋ ମୁର୍ମୁ, ଜା:- ସାନ୍ତାଳ, ସା:- ଜାମଦା
୪୨୨/ ୨୦୧୪	୧୩୭୦	୦.୦୭୦	୦.୦୩୦	ଶାରଦ ଦୁଇ	ମଥୁରା ମୋହନ ଗିରି, ପି.- ରାମ ଚନ୍ଦ୍ର ଗିରି, ଜା:- ଗଉଡ଼, ସା:- ପୁରୁଣାପାଣି
୪୪୩	୧୩୭୭	୦.୦୭୦	୦.୦୨୦	ଶାରଦ ଏକ	ହରିହର ପଣ୍ଡା, ପି.- ରଘୁନାଥ ପଣ୍ଡା, ଜା:- ବ୍ରାହ୍ମଣ, ସା:- ପ୍ରହରାଜପୁର
୪୪୩/ ୨୦୦୩	୧୩୮୫	୦.୧୩୦	୦.୦୪୦	ଶାରଦ ଦୁଇ	ତ୍ରିନାଥ ବେହେରା, ଦୁର୍ଯ୍ୟୋଧନ ବେହେରା, ପି.- ଶଙ୍କର ବେହେରା, ଜା:- ଖଣ୍ଡାୟତ, ସା:- ନିଜଗାଁ
୪୪୬	୧୩୯୪	୦.୧୮୦	୦.୦୫୦	ଶାରଦ ଏକ	ମଦନ ମୋହନ ହାଁସଦା, ପି.- ଚୁନାରାମ ହାଁସଦା, ଜା:- ସାନ୍ତାଳ, ସା:- କୁଲିଅଣା
୪୫୪	୧୪୦୨	୦.୦୯୦	୦.୦୩୦	ଶାରଦ ଦୁଇ	ଅନିରୁଦ୍ଧ ସାହୁ, ପି.- ଗୌରହରି ସାହୁ, ଜା:- ତେଲି, ସା:- ବଡ଼ସାହି
୪୫୬	୧୪୧୦	୦.୨୫୦	୦.୦୬୦	ଶାରଦ ଏକ	ଲୋକନାଥ ମାରାଣ୍ଡି, ପି.- ସୁଫଲ ମାରାଣ୍ଡି, ଜା:- ସାନ୍ତାଳ, ସା:- ଦେଉଳଡିହା
୪୫୮	୧୪୧୮	୦.୩୬୦	୦.୦୭୦	ଶାରଦ ଦୁଇ	ଚିନ୍ତାମଣି ଦଳେଇ, ପି.- ଭଗୀରଥି ଦଳେଇ, ଜା:- କୁଡୁମି, ସା:- ନିଜଗାଁ
୪୬୨	୧୪୨୫	୦.୧୨୦	୦.୦୪୦	ଶାରଦ ଏକ	ବୃନ୍ଦାବନ ନାୟକ, ପି.- ଗୋପୀନାଥ ନାୟକ, ଜା:- ରାଉତିଆ, ସା:- ଜାମଦା
୪୬୬	୧୪୩୩	୦.୧୦୦	୦.୦୩୦	ଶାରଦ ଦୁଇ	ନିତ୍ୟାନନ୍ଦ ପାତ୍ର, ପି.- ଯଦୁନାଥ ପାତ୍ର, ଜା:- କମାର, ସା:- ଗଡ଼ିଆପାଳ
୪୭୦	୧୪୪୧	୦.୦୮୦	୦.୦୨୦	ଶାରଦ ଏକ	ବଳଭଦ୍ର ଦାସ, ପି.- ଚୈତନ୍ୟ ଦାସ, ଜା:- ଗଉଡ଼, ସା:- ନିଜଗାଁ
ଭାଗ ନଂ.	ପୂଟ ନଂ.	ମୋଟ ରକବା	ଅଧିଗ୍ରହଣ ରକବା	କିସମ	ରୟତଙ୍କ ନାମ, ପିତା, ଜାତି ଓ ବାସସ୍ଥାନ
୧	୨	୩	୪	୫	୬
୯୪୪/ ୧୯୦୨	୮୯୧	୦.୧୮୦	୦.୦୫୦	ଶାରଦ ଦୁଇ	ସୁଭଦ୍ରା ଖୁଣ୍ଟିଆ, ସ୍ୱା.- ଯୋଗୀନ୍ଦର ଖୁଣ୍ଟିଆ, ଜା:- ଖଣ୍ଡାୟତ, ସା:- ନିଜଗାଁ
୯୪୪/ ୧୯୦୩	୭୪୭	୦.୧୪୦	୦.୦୪୦	ଶାରଦ ଏକ	ଦୟାନିଧି ଭୂୟାଁ, ପି.- ଭୁବନ ଭୂୟାଁ, ଜା:- ଖଣ୍ଡାୟତ, ସା:- ବଡ଼ସାହି
୯୪୪/ ୧୯୦୪	୮୯୬	୦.୧୦୦	୦.୦୩୦	ଶାରଦ ଦୁଇ	ଶ୍ରୀ ହରି ଦେବେନ୍ଦ୍ର, ପି.- ପାଚକ ଦେବେନ୍ଦ୍ର, ଜା:- କୁଡୁମି, ସା:- ଜାମଦା
୯୪୭/ ୧୯୦୮	୯୦୭	୦.୦୮୦	୦.୦୩୦	ଶାରଦ ଏକ	ଭଗବତ ଦେବେନ୍ଦ୍ର, ପି.- ଖୁଦ ଦେବେନ୍ଦ୍ର, ଜା:- କୁଡୁମି, ସା:- ନିଜଗାଁ
୯୪୪/ ୧୯୧୭	୯୦୪	୦.୧୪୦	୦.୦୪୦	ଶାରଦ ଦୁଇ	ବାବୁ ଝାଁ, ପି.- ବାଞ୍ଛା ଝାଁ, ଜା:- ବ୍ରାହ୍ମଣ, ସା:- କୁଲିଅଣା
୯୪୪/ ୧୯୨୮	୯୦୭	୦.୧୪୦	୦.୦୫୦	ଶାରଦ ଏକ	ଦଣ୍ଡପାଣି ମହାନ୍ତ, ପି.- ଖଗେଶ୍ୱର ମହାନ୍ତ, ଜା:- କୁଡୁମି, ସା:- ପୁରୁଣାପାଣି
୧୭	୯୦୯	୦.୦୪୦	୦.୦୩୦	ଶାରଦ ଦୁଇ	ଭାଗବତ ଜେନା, ଅନିଲ ଜେନା, ପି.- ବାସୁଦେବ ଜେନା, ଜା:- ଖଣ୍ଡାୟତ, ସା:- ଦେଉଳଡିହା
୪୪/ ୨୦୧	୦.୬୭୦	୦.୦୬୦	୦.୦୪୦	ଶାରଦ ଏକ	ସୃଷ୍ଟିଧର ଯୋଗୀ, ପି.- ଶମ୍ଭୁ ଯୋଗୀ, ଜା:- ଯୋଗୀ, ସା:- ନିଜଗାଁ
୯୪୭	୯୧୮	୦.୦୬୦	୦.୦୩୦	ଶାରଦ ଦୁଇ	ମଙ୍ଗୁଳୀ ଦେଇ, ସ୍ୱା.- ରଘୁ ନାୟକ, ଜା:- ରାଉତିଆ, ସା:- ବଡ଼ସାହି
୯୪୭/ ୨୦୧୪	୯୨୨	୦.୦୮୦	୦.୦୪୦	ଶାରଦ ଏକ	ଶାରଳା ଦେଇ, ସ୍ୱା.- ପୀତବାସ ସାହୁ, ଜା:- ତେଲି, ସା:- ଜାମଦା
୯୪୮	୯୨୮	୦.୦୭୦	୦.୦୩୦	ଶାରଦ ଦୁଇ	ଶ୍ରୀଜୀବ ଖଟୁଆ, ପି.- ଭୀମ ଖଟୁଆ, ଜା:- ଖଣ୍ଡାୟତ, ସା:- ନିଜଗାଁ
୯୫୦	୯୩୩	୦.୦୯୦	୦.୦୪୦	ଶାରଦ ଏକ	ଲଳିତ ମୋହନ ଗିରି, ପି.- ଶଶୀ ଗିରି, ଜା:- ଗଉଡ଼, ସା:- କୁଲିଅଣା
୯୫୪	୯୩୮	୦.୧୪୦	୦.୦୬୦	ଶାରଦ ଦୁଇ	ଗୋବିନ୍ଦ ଚନ୍ଦ୍ର ପାତ୍ର, ପି.- ଶ୍ରୀଧର ପାତ୍ର, ଜା:- କମାର, ସା:- ଗଡ଼ିଆପାଳ
୯୫୭	୯୪୪	୦.୧୭୦	୦.୦୫୦	ଶାରଦ ଏକ	ଜଳନ୍ଧର ଦାସ, ପି.- ମୁରଲୀ ଦାସ, ଜା:- ଗଉଡ଼, ସା:- ନିଜଗାଁ
୯୬୦	୯୫୨	୦.୨୭୦	୦.୦୮୦	ଶାରଦ ଦୁଇ	ଉଦ୍ଧବ ବାରିକ, ପି.- ନରସିଂହ ବାରିକ, ଜା:- ତେଲି, ସା:- ବଡ଼ସାହି
୯୬୪	୯୫୯	୦.୩୪୦	୦.୦୭୦	ଶାରଦ ଏକ	ନବଘନ ସୋରେନ, ପି.- ଦୁର୍ଗା ସୋରେନ, ଜା:- ସାନ୍ତାଳ, ସା:- ଜାମଦା
୯୬୮	୯୬୭	୦.୧୮୦	୦.୦୫୦	ଶାରଦ ଦୁଇ	କପିଳ ମୁର୍ମୁ, ପି.- ସୋନା ମୁର୍ମୁ, ଜା:- ସାନ୍ତାଳ, ସା:- ପୁରୁଣାପାଣି
୯୭୨	୯୭୪	୦.୦୬୦	୦.୦୨୦	ଶାରଦ ଏକ	ଶେଷଦେବ ପଣ୍ଡା, ପି.- ଗଦାଧର ପଣ୍ଡା, ଜା:- ବ୍ରାହ୍ମଣ, ସା:- ପ୍ରହରାଜପୁର
ସ୍ୱାର୍ଥଗ୍ରସ୍ତ ଲୋକଙ୍କ ତାଲିକା					
୯୭୬	୯୮୨	୦.୦୯୦	୦.୦୪୦	ଶାରଦ ଦୁଇ	କଳନ୍ଦୀ ଚରଣ ଦୀକ୍ଷିତ, ପି.- ଶ୍ରୀକର ଦୀକ୍ଷିତ, ଜା:- ବ୍ରାହ୍ମଣ, ସା:- ନିଜଗାଁ
୯୮୦	୯୯୧	୦.୧୩୦	୦.୦୫୦	ଶାରଦ ଏକ	ସୁବଳ ମହାଲିକ, ପି.- ଦୁଃଖୁ ମହାଲିକ, ଜା:- ଭୂମିଜ, ସା:- ବଡ଼ସାହି
୯୮୪	୯୯୮	୦.୨୨୦	୦.୦୬୦	ଶାରଦ ଦୁଇ	ରାଜକିଶୋର ଦାସ, ପି.- ଅନନ୍ତ ଦାସ, ଜା:- ଗଉଡ଼, ସା:- କୁଲିଅଣା
୯୮୮	୧୦୦୫	୦.୧୧୦	୦.୦୪୦	ଶାରଦ ଏକ	ଭରତ ଚନ୍ଦ୍ର ନାୟକ, ପି.- ସନାତନ ନାୟକ, ଜା:- ରାଉତିଆ, ସା:- ଜାମଦା
୯୯୨	୧୦୧୨	୦.୦୮୦	୦.୦୩୦	ଶାରଦ ଦୁଇ	ଅଭିମନ୍ୟୁ ବେହେରା, ପି.- ଗୋବର୍ଦ୍ଧନ ବେହେରା, ଜା:- ଖଣ୍ଡାୟତ, ସା:- ନିଜଗାଁ
୯୯୬	୧୦୧୯	୦.୧୭୦	୦.୦୫୦	ଶାରଦ ଏକ	ଜଗନ୍ନାଥ ସାହୁ, ପି.- ବୈକୁଣ୍ଠ ସାହୁ, ଜା:- ତେଲି, ସା:- ଦେଉଳଡିହା
୧୦୦୦	୧୦୨୬	୦.୨୪୦	୦.୦୭୦	ଶାରଦ ଦୁଇ	ଧ୍ରୁବ ଚରଣ ଖୁଣ୍ଟିଆ, ପି.- ନାରାୟଣ ଖୁଣ୍ଟିଆ, ଜା:- ଖଣ୍ଡାୟତ, ସା:- ବଡ଼ସାହି
୧୦୦୪	୧୦୩୩	୦.୧୦୦	୦.୦୪୦	ଶାରଦ ଏକ	ପ୍ରହଲ୍ଲାଦ ଗିରି, ପି.- ଟିକାରାମ ଗିରି, ଜା:- ଗଉଡ଼, ସା:- ନିଜଗାଁ
୧୦୦୮	୧୦୪୧	୦.୦୯୦	୦.୦୩୦	ଶାରଦ ଦୁଇ	ପୂର୍ଣ୍ଣଚନ୍ଦ୍ର ଟୁଡୁ, ପି.- ମଝି ଟୁଡୁ, ଜା:- ସାନ୍ତାଳ, ସା:- ଗଡ଼ିଆପାଳ
୧୦୧୨	୧୦୪୮	୦.୧୫୦	୦.୦୫୦	ଶାରଦ ଏକ	ପ୍ରଭାକର ଜେନା, ପି.- ଗୋପାଳ ଜେନା, ଜା:- ଖଣ୍ଡାୟତ, ସା:- ଜାମଦା
୧୦୧୬	୧୦୫୫	୦.୦୭୦	୦.୦୨୦	ଶାରଦ ଦୁଇ	ବିପିନ ବିହାରୀ ଦାସ, ପି.- ଗଙ୍ଗାଧର ଦାସ, ଜା:- ଗଉଡ଼, ସା:- କୁଲିଅଣା
୧୦୨୦	୧୦୬୩	୦.୧୨୦	୦.୦୪୦	ଶାରଦ ଏକ	ଲିଙ୍ଗରାଜ ପାତ୍ର, ପି.- ଅର୍ଜୁନ ପାତ୍ର, ଜା:- କମାର, ସା:- ନିଜଗାଁ
୧୦୨୪	୧୦୭୦	୦.୦୮୦	୦.୦୩୦	ଶାରଦ ଦୁଇ	ସୁଦର୍ଶନ ମହାନ୍ତ, ପି.- ରଘୁ ମହାନ୍ତ, ଜା:- କୁଡୁମି, ସା:- ପୁରୁଣାପାଣି
୧୦୨୮	୧୦୭୮	୦.୧୬୦	୦.୦୫୦	ଶାରଦ ଏକ	ମନୋରଞ୍ଜନ ଦଳେଇ, ପି.- ଶ୍ୟାମ ଦଳେଇ, ଜା:- କୁଡୁମି, ସା:- ବଡ଼ସାହି
୧୦୩୨	୧୦୮୫	୦.୨୧୦	୦.୦୬୦	ଶାରଦ ଦୁଇ	ଗୟାଧର ରାଉତ, ପି.- ଶରତ ରାଉତ, ଜା:- ଗଉଡ଼, ସା:- ଦେଉଳଡିହା
୧୦୩୬	୧୦୯୨	୦.୦୬୦	୦.୦୨୦	ଶାରଦ ଏକ	ହରପ୍ରସାଦ ପଣ୍ଡା, ପି.- ବନମାଳୀ ପଣ୍ଡା, ଜା:- ବ୍ରାହ୍ମଣ, ସା:- ନିଜଗାଁ
୧୦୪୦	୧୦୯୯	୦.୧୧୦	୦.୦୪୦	ଶାରଦ ଦୁଇ	ଅନାଦି ଚରଣ ନାୟକ, ପି.- ଭଗବାନ ନାୟକ, ଜା:- ରାଉତିଆ, ସା:- ଜାମଦା
୧୦୪୪	୧୧୦୬	୦.୦୯୦	୦.୦୩୦	ଶାରଦ ଏକ	ସୁରେନ୍ଦ୍ର ମାରାଣ୍ଡି, ପି.- ଲକ୍ଷ୍ମଣ ମାରାଣ୍ଡି, ଜା:- ସାନ୍ତାଳ, ସା:- କୁଲିଅଣା
ଭାଗ ନଂ.	ପୂଟ ନଂ.	ମୋଟ ରକବା	ଅଧିଗ୍ରହଣ ରକବା	କିସମ	ରୟତଙ୍କ ନାମ, ପିତା, ଜାତି ଓ ବାସସ୍ଥାନ
୧	୨	୩	୪	୫	୬
୯୪୪/ ୧୯୩୧	୪୯୧	୦.୧୮୦	୦.୦୬୦	ଶାରଦ ଦୁଇ	ସୁଲୋଚନା ଖୁଣ୍ଟିଆ, ସ୍ୱା.- ହରେକୃଷ୍ଣ ଖୁଣ୍ଟିଆ, ଜା:- ଖଣ୍ଡାୟତ, ସା:- ନିଜଗାଁ
୯୪୪/ ୧୯୩୨	୭୮୯	୦.୧୪୦	୦.୦୫୦	ଶାରଦ ଏକ	ଦେବରାଜ ଦ୍ୱିବେଦୀ, ପି.- ହରିହର ଦ୍ୱିବେଦୀ, ଜା:- ବ୍ରାହ୍ମଣ, ସା:- ବଡ଼ସାହି
୯୪୪/ ୧୯୩୩	୮୬୦	୦.୧୧୦	୦.୦୪୦	ଶାରଦ ଦୁଇ	ଚନ୍ଦ୍ରମଣି ଦେଇ, ସ୍ୱା.- ବିପିନ ବେହେରା, ଜା:- ଖଣ୍ଡାୟତ, ସା:- ଜାମଦା
୯୪୭/ ୧୯୩୮	୮୬୭	୦.୦୮୦	୦.୦୩୦	ଶାରଦ ଏକ	ଶ୍ରୀ ଧରଣୀ ଦେବେନ୍ଦ୍ର, ପି.- ଖୁଦ ଦେବେନ୍ଦ୍ର, ଜା:- କୁଡୁମି, ସା:- ନିଜଗାଁ
୯୪୭/ ୧୯୪୪	୯୧୭	୦.୦୯୦	୦.୦୩୦	ଶାରଦ ଦୁଇ	ଉଦ୍ଧବ ଚରଣ ସାହୁ, ପି.- ଗୋପୀ ସାହୁ, ଜା:- ତେଲି, ସା:- କୁଲିଅଣା
୯୪୮/ ୧୯୪୭	୪୦୪	୦.୦୮୦	୦.୦୪୦	ଶାରଦ ଏକ	ବାବୁଲି ପ୍ରଧାନ, ପି.- ବାଜରା ପ୍ରଧାନ, ଜା:- ଗଉଡ଼, ସା:- ପୁରୁଣାପାଣି
୯୪୪/ ୧୯୫୭	୧୯୦୮	୦.୧୯୦	୦.୦୫୦	ଶାରଦ ଦୁଇ	ନୀଳମଣି ଷଡ଼ଙ୍ଗୀ, ପି.- ଯଜ୍ଞେଶ୍ୱର ଷଡ଼ଙ୍ଗୀ, ଜା:- ବ୍ରାହ୍ମଣ, ସା:- ନିଜଗାଁ
୯୪୪/ ୧୯୬୨	୧୯୦୯	୦.୧୭୦	୦.୦୪୦	ଶାରଦ ଏକ	ଦାମୋଦର ଦେବେନ୍ଦ୍ର, ପି.- ଚକ୍ରପାଣି ଦେବେନ୍ଦ୍ର, ଜା:- କୁଡୁମି, ସା:- ବଡ଼ସାହି
୧୭	୧୯୧୪	୦.୦୭୦	୦.୦୩୦	ଶାରଦ ଦୁଇ	ଭାଲବ ଲେନ୍‌କା, ଅନିଲ ଲେନ୍‌କା, ପି.- ବାଳକୃଷ୍ଣ ଲେନ୍‌କା, ଜା:- ଖଣ୍ଡାୟତ, ସା:- ଜାମଦା
୪୪୭	୧୯୨୦	୦.୦୯୦	୦.୦୪୦	ଶାରଦ ଏକ	ସୃଷ୍ଟିଧର ଯୋଶୀ, ପି.- ମଦନ ଯୋଶୀ, ଜା:- ବ୍ରାହ୍ମଣ, ସା:- ଗଡ଼ିଆପାଳ
୫୪୪	୧୯୨୭	୦.୧୦୦	୦.୦୪୦	ଶାରଦ ଦୁଇ	ମଣିଭଦ୍ର ଦାସ, ପି.- ଆନନ୍ଦ ଦାସ, ଜା:- ଗଉଡ଼, ସା:- ନିଜଗାଁ
୫୪୮	୧୯୩୩	୦.୦୬୦	୦.୦୨୦	ଶାରଦ ଏକ	ଶ୍ରୀରାମଚନ୍ଦ୍ର ଠାକୁର ବାବଦ, ମାର୍ଫତ:- ଗ୍ରାମବାସୀ, ସା:- ପ୍ରହରାଜପୁର
୫୫୨	୧୯୪୦	୦.୧୩୦	୦.୦୫୦	ଶାରଦ ଦୁଇ	ଭାଗିରଥୀ ମହାଲିକ, ପି.- ଟୁନା ମହାଲିକ, ଜା:- ଭୂମିଜ, ସା:- ବଡ଼ସାହି
୫୫୬	୧୯୪୮	୦.୧୮୦	୦.୦୬୦	ଶାରଦ ଏକ	ଗୁରୁବାରୀ ଦେଇ, ସ୍ୱା.- ମଙ୍ଗଳ ଟୁଡୁ, ଜା:- ସାନ୍ତାଳ, ସା:- କୁଲିଅଣା
୫୬୦	୧୯୫୫	୦.୦୮୦	୦.୦୩୦	ଶାରଦ ଦୁଇ	ଜଗା ହାଁସଦା, ପି.- ସୀତାରାମ ହାଁସଦା, ଜା:- ସାନ୍ତାଳ, ସା:- ଜାମଦା
୫୬୪	୧୯୬୩	୦.୦୭୦	୦.୦୩୦	ଶାରଦ ଏକ	ନରେନ୍ଦ୍ର ପ୍ରତାପ ସିଂ, ପି.- ମାନସ ପ୍ରତାପ ସିଂ, ଜା:- ରାଜପୁତ, ସା:- ନିଜଗାଁ
୫୬୮	୧୯୭୦	୦.୧୫୦	୦.୦୫୦	ଶାରଦ ଦୁଇ	ଉମେଶ ଚନ୍ଦ୍ର ପାତ୍ର, ପି.- ଶରତ ପାତ୍ର, ଜା:- କମାର, ସା:- ଦେଉଳଡିହା
୫୭୨	୧୯୭୮	୦.୨୪୦	୦.୦୭୦	ଶାରଦ ଏକ	ଶିବରାମ ଗିରି, ପି.- ଖଗେଶ୍ୱର ଗିରି, ଜା:- ଗଉଡ଼, ସା:- ପୁରୁଣାପାଣି
୫୭୬	୧୯୮୫	୦.୧୧୦	୦.୦୪୦	ଶାରଦ ଦୁଇ	ଚୂଡ଼ାମଣି ଦେଇ, ସ୍ୱା.- ଗୋବିନ୍ଦ ବାରିକ, ଜା:- ତେଲି, ସା:- ନିଜଗାଁ
୫୮୦	୧୯୯୨	୦.୦୯୦	୦.୦୩୦	ଶାରଦ ଏକ	ପଦ୍ମନାଭ ମହାନ୍ତି, ପି.- ଗୋଲକ ମହାନ୍ତି, ଜା:- ଖଣ୍ଡାୟତ, ସା:- ବଡ଼ସାହି
୫୮୪	୧୯୯୯	୦.୧୭୦	୦.୦୬୦	ଶାରଦ ଦୁଇ	ମୁକୁନ୍ଦ ଦେବେନ୍ଦ୍ର, ପି.- ଧନେଶ୍ୱର ଦେବେନ୍ଦ୍ର, ଜା:- କୁଡୁମି, ସା:- ଜାମଦା
୫୮୮	୨୦୦୪	୦.୦୬୦	୦.୦୨୦	ଶାରଦ ଏକ	ଧ୍ରୁବ ଚରଣ ଖିଲାର, ପି.- ରାମ ଖିଲାର, ଜା:- ଗଉଡ଼, ସା:- ନିଜଗାଁ
୫୯୨	୨୦୧୧	୦.୧୩୦	୦.୦୫୦	ଶାରଦ ଦୁଇ	ପ୍ରତାପ ରାଉତ, ପି.- ଭିକାରୀ ରାଉତ, ଜା:- ଗଉଡ଼, ସା:- କୁଲିଅଣା
୫୯୬	୨୦୧୮	୦.୦୮୦	୦.୦୩୦	ଶାରଦ ଏକ	ରଘୁନାଥ ଦାଶ, ପି.- ଲୋକନାଥ ଦାଶ, ଜା:- ବ୍ରାହ୍ମଣ, ସା:- ପ୍ରହରାଜପୁର
୬୦୦	୨୦୨୫	୦.୧୯୦	୦.୦୬୦	ଶାରଦ ଦୁଇ	ପ୍ରଫୁଲ୍ଲ ଖୁଣ୍ଟିଆ, ପି.- ଅନିରୁଦ୍ଧ ଖୁଣ୍ଟିଆ, ଜା:- ଖଣ୍ଡାୟତ, ସା:- ବଡ଼ସାହି
ସରକାରୀ ଖାସ ଜମିର ବିବରଣୀ					
୬୦୪	୨୦୩୨	୦.୦୭୦	୦.୦୨୦	ଶାରଦ ଏକ	ଜଳଚରଣ ଦୀପ, ଖି.- ଜଳାଶୟ ବାବଦ, ମାର୍ଫତ:- ସରକାର, ସା:- ନିଜଗାଁ
୬୦୮	୨୦୩୯	୦.୧୨୦	୦.୦୪୦	ଶାରଦ ଦୁଇ	ଗୋଚର ବାବଦ, ମାର୍ଫତ:- ଗ୍ରାମ ପଞ୍ଚାୟତ, ସା:- ପ୍ରହରାଜପୁର
୬୧୨	୨୦୪୬	୦.୦୯୦	୦.୦୩୦	ଶାରଦ ଏକ	ରାସ୍ତା ବାବଦ, ମାର୍ଫତ:- ସରକାର, ତହସିଲ:- ବଡ଼ସାହି
୬୧୬	୨୦୫୩	୦.୧୫୦	୦.୦୫୦	ଶାରଦ ଦୁଇ	ଗ୍ରାମ୍ୟ ଜଙ୍ଗଲ ବାବଦ, ମାର୍ଫତ:- ସରକାର, ଜିଲ୍ଲା:- ମୟୂରଭଞ୍ଜ
୬୨୦	୨୦୬୦	୦.୦୮୦	୦.୦୩୦	ଶାରଦ ଏକ	ଶ୍ମଶାନ ବାବଦ, ମାର୍ଫତ:- ଗ୍ରାମବାସୀ, ସା:- ନିଜଗାଁ
୬୨୪	୨୦୬୭	୦.୧୧୦	୦.୦୪୦	ଶାରଦ ଦୁଇ	ନାଳ ବାବଦ, ମାର୍ଫତ:- ଜଳସେଚନ ବିଭାଗ, ସା:- ବଡ଼ସାହି
		ଏ.୧୫.୬୩୪			
Sd/- 25.02.2021
Amin
Rev-Inspector Zone-I, Baripada
Sd/- 25.02.2021
Rev-Inspector
Zone-I, Baripada Zone
Sd/- 25.02.2021
Zone Officer-cum-L.A. Collector
S.I.P., Baripada Zone
Sd/- 25.02.2021
Spl. Land Acquisition Officer
S.I.P. Baripada
OIPR-24001/14/0090/2122
